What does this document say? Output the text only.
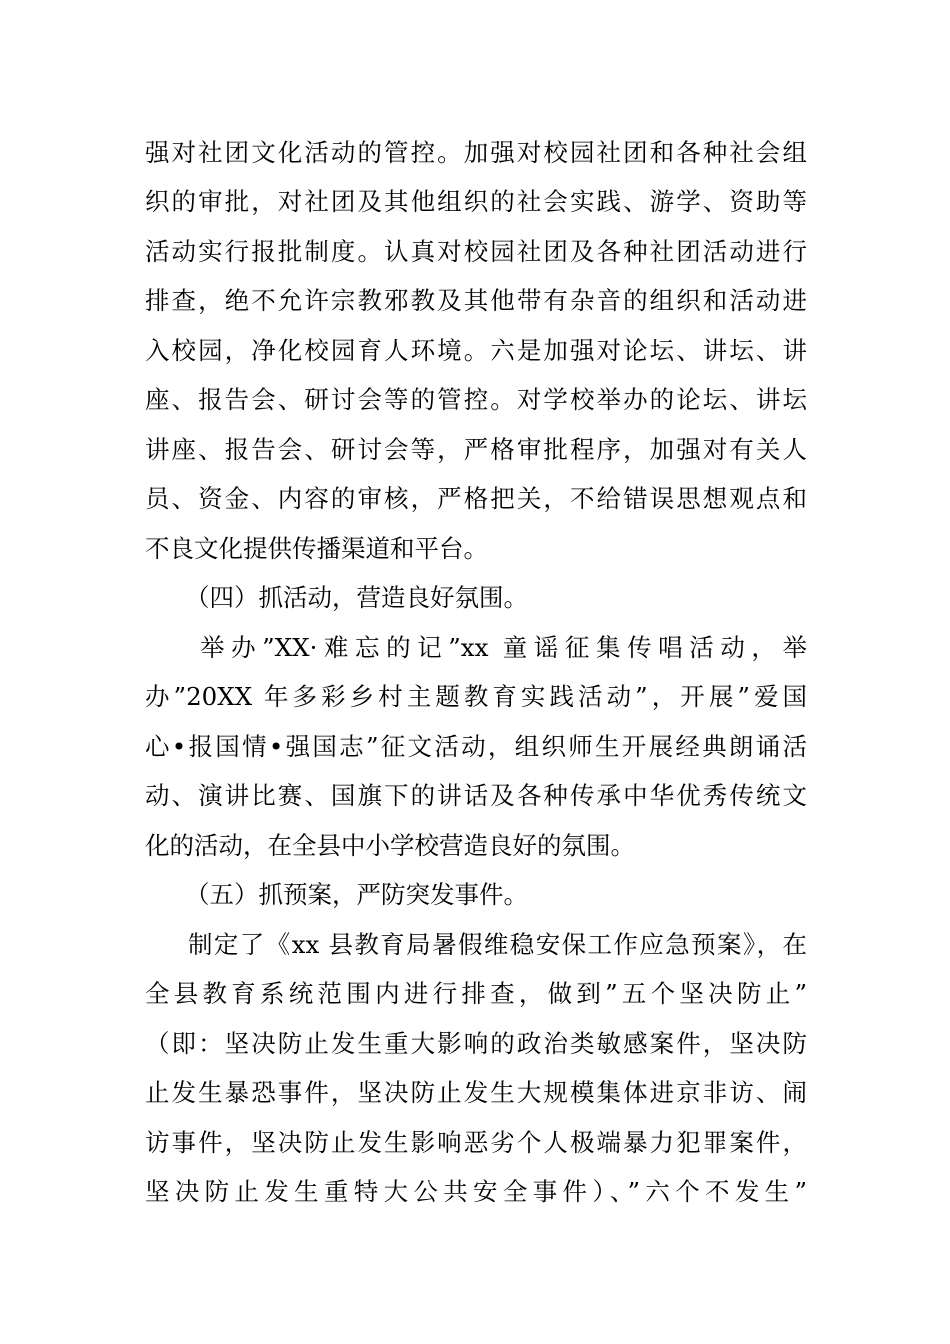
强对社团文化活动的管控。加强对校园社团和各种社会组
织的审批，对社团及其他组织的社会实践、游学、资助等
活动实行报批制度。认真对校园社团及各种社团活动进行
排查，绝不允许宗教邪教及其他带有杂音的组织和活动进
入校园，净化校园育人环境。六是加强对论坛、讲坛、讲
座、报告会、研讨会等的管控。对学校举办的论坛、讲坛
讲座、报告会、研讨会等，严格审批程序，加强对有关人
员、资金、内容的审核，严格把关，不给错误思想观点和
不良文化提供传播渠道和平台。
（四）抓活动，营造良好氛围。
举办”XX·难忘的记”xx 童谣征集传唱活动，举
办”20XX 年多彩乡村主题教育实践活动”，开展”爱国
心•报国情•强国志”征文活动，组织师生开展经典朗诵活
动、演讲比赛、国旗下的讲话及各种传承中华优秀传统文
化的活动，在全县中小学校营造良好的氛围。
（五）抓预案，严防突发事件。
制定了《xx 县教育局暑假维稳安保工作应急预案》，在
全县教育系统范围内进行排查，做到”五个坚决防止”
（即：坚决防止发生重大影响的政治类敏感案件，坚决防
止发生暴恐事件，坚决防止发生大规模集体进京非访、闹
访事件，坚决防止发生影响恶劣个人极端暴力犯罪案件，
坚决防止发生重特大公共安全事件）、”六个不发生”
